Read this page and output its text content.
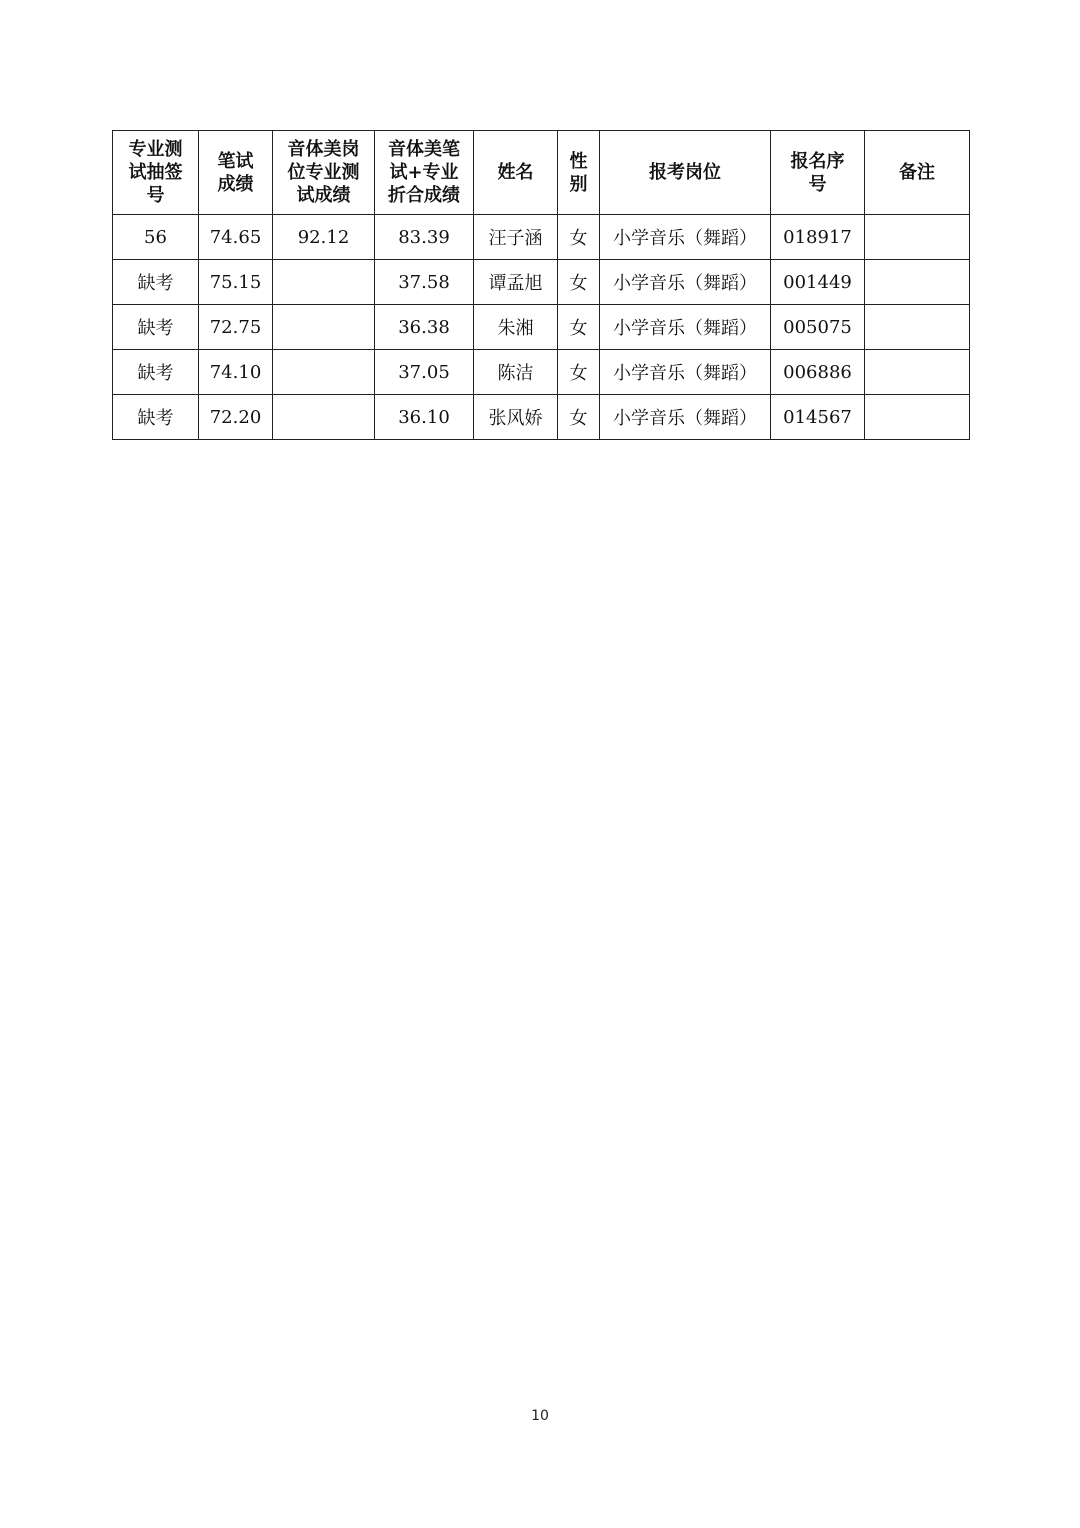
专业测
试抽签
号	笔试
成绩	音体美岗
位专业测
试成绩	音体美笔
试+专业
折合成绩	姓名	性
别	报考岗位	报名序
号	备注
56	74.65	92.12	83.39	汪子涵	女	小学音乐（舞蹈）	018917	
缺考	75.15		37.58	谭孟旭	女	小学音乐（舞蹈）	001449	
缺考	72.75		36.38	朱湘	女	小学音乐（舞蹈）	005075	
缺考	74.10		37.05	陈洁	女	小学音乐（舞蹈）	006886	
缺考	72.20		36.10	张风娇	女	小学音乐（舞蹈）	014567	
10
